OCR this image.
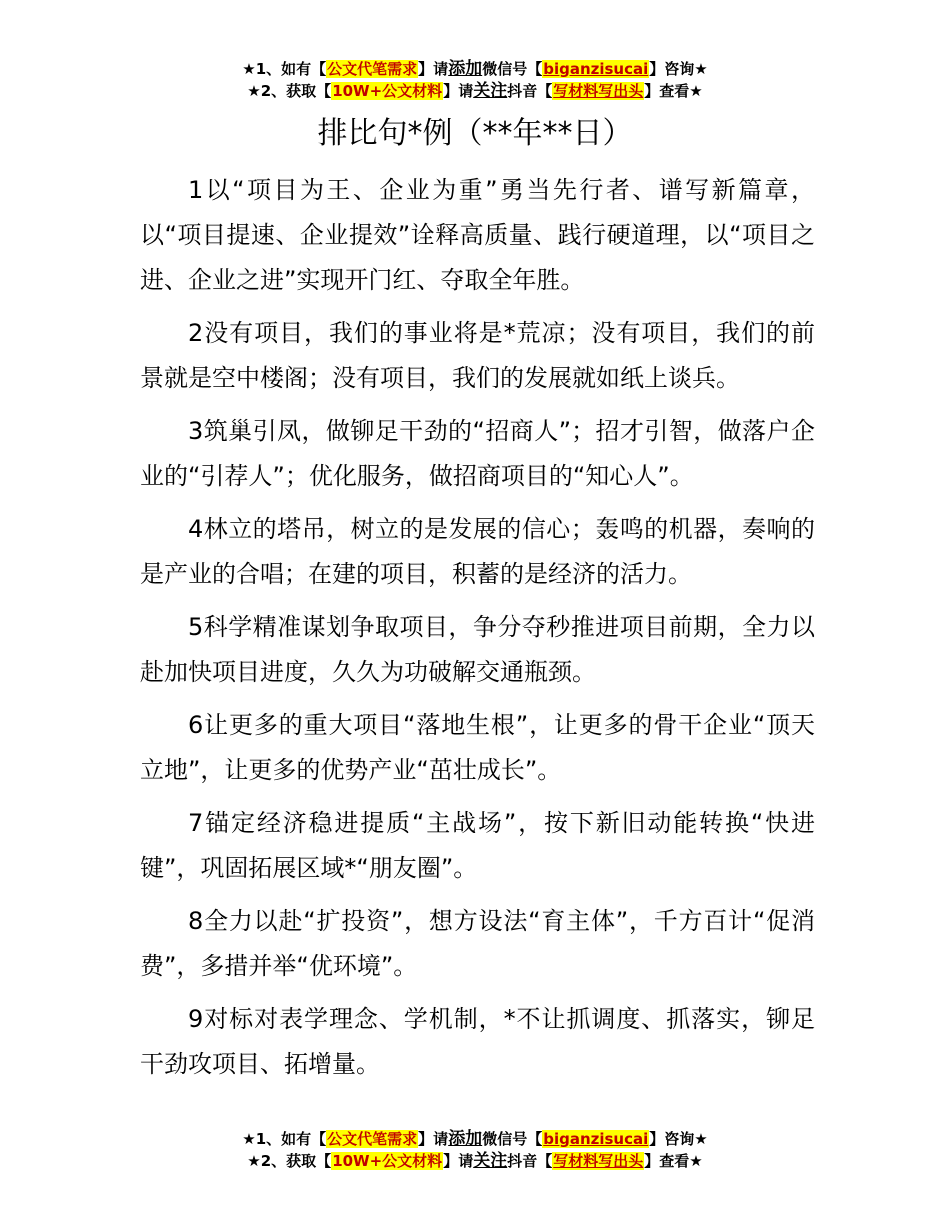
★1、如有【公文代笔需求】请添加微信号【biganzisucai】咨询★
★2、获取【10W+公文材料】请关注抖音【写材料写出头】查看★
排比句*例（**年**日）

1以“项目为王、企业为重”勇当先行者、谱写新篇章，以“项目提速、企业提效”诠释高质量、践行硬道理，以“项目之进、企业之进”实现开门红、夺取全年胜。

2没有项目，我们的事业将是*荒凉；没有项目，我们的前景就是空中楼阁；没有项目，我们的发展就如纸上谈兵。

3筑巢引凤，做铆足干劲的“招商人”；招才引智，做落户企业的“引荐人”；优化服务，做招商项目的“知心人”。

4林立的塔吊，树立的是发展的信心；轰鸣的机器，奏响的是产业的合唱；在建的项目，积蓄的是经济的活力。

5科学精准谋划争取项目，争分夺秒推进项目前期，全力以赴加快项目进度，久久为功破解交通瓶颈。

6让更多的重大项目“落地生根”，让更多的骨干企业“顶天立地”，让更多的优势产业“茁壮成长”。

7锚定经济稳进提质“主战场”，按下新旧动能转换“快进键”，巩固拓展区域*“朋友圈”。

8全力以赴“扩投资”，想方设法“育主体”，千方百计“促消费”，多措并举“优环境”。

9对标对表学理念、学机制，*不让抓调度、抓落实，铆足干劲攻项目、拓增量。

★1、如有【公文代笔需求】请添加微信号【biganzisucai】咨询★
★2、获取【10W+公文材料】请关注抖音【写材料写出头】查看★
